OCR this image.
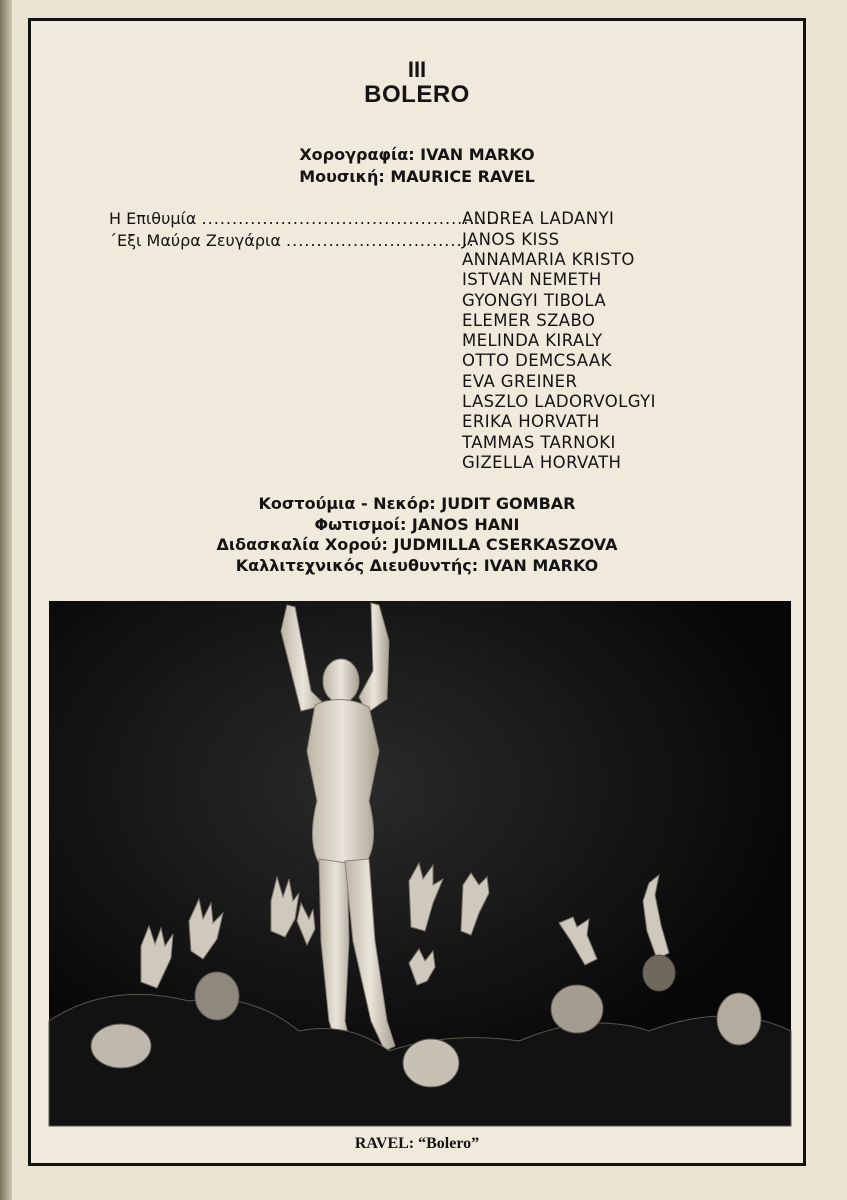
III
BOLERO
Χορογραφία: IVAN MARKO
Μουσική: MAURICE RAVEL
Η Επιθυμία ..................................................
΄Εξι Μαύρα Ζευγάρια ...............................
ANDREA LADANYI
JANOS KISS
ANNAMARIA KRISTO
ISTVAN NEMETH
GYONGYI TIBOLA
ELEMER SZABO
MELINDA KIRALY
OTTO DEMCSAAK
EVA GREINER
LASZLO LADORVOLGYI
ERIKA HORVATH
TAMMAS TARNOKI
GIZELLA HORVATH
Κοστούμια - Νεκόρ: JUDIT GOMBAR
Φωτισμοί: JANOS HANI
Διδασκαλία Χορού: JUDMILLA CSERKASZOVA
Καλλιτεχνικός Διευθυντής: IVAN MARKO
RAVEL: “Bolero”
